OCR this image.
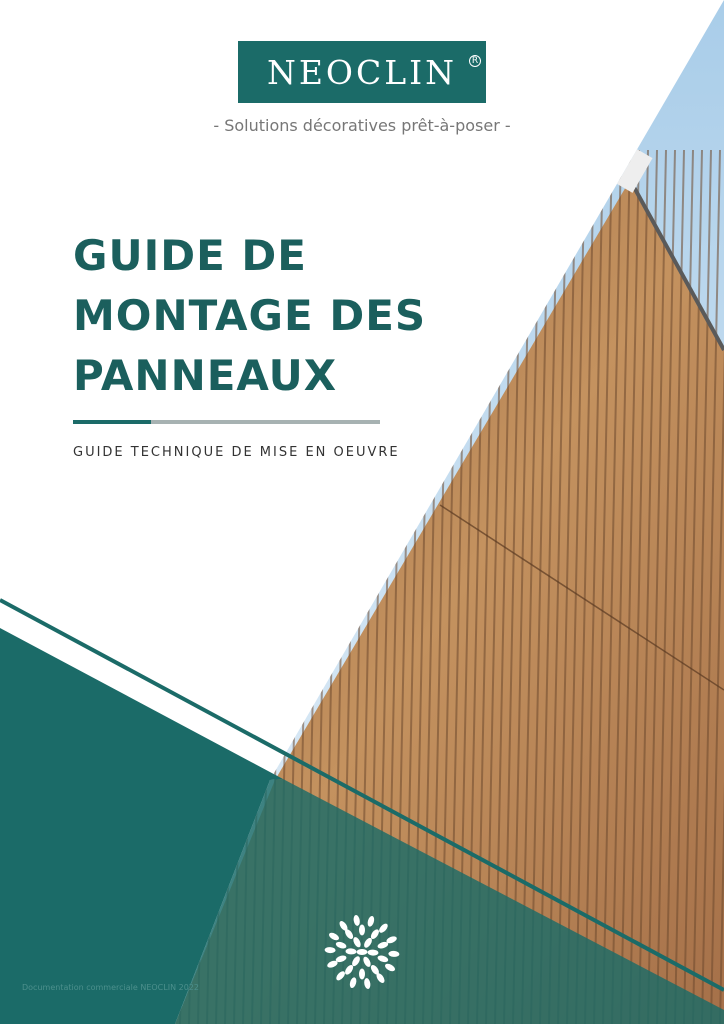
NEOCLIN	R
- Solutions décoratives prêt-à-poser -
GUIDE DE
MONTAGE DES
PANNEAUX
GUIDE TECHNIQUE DE MISE EN OEUVRE
Documentation commerciale NEOCLIN 2022
